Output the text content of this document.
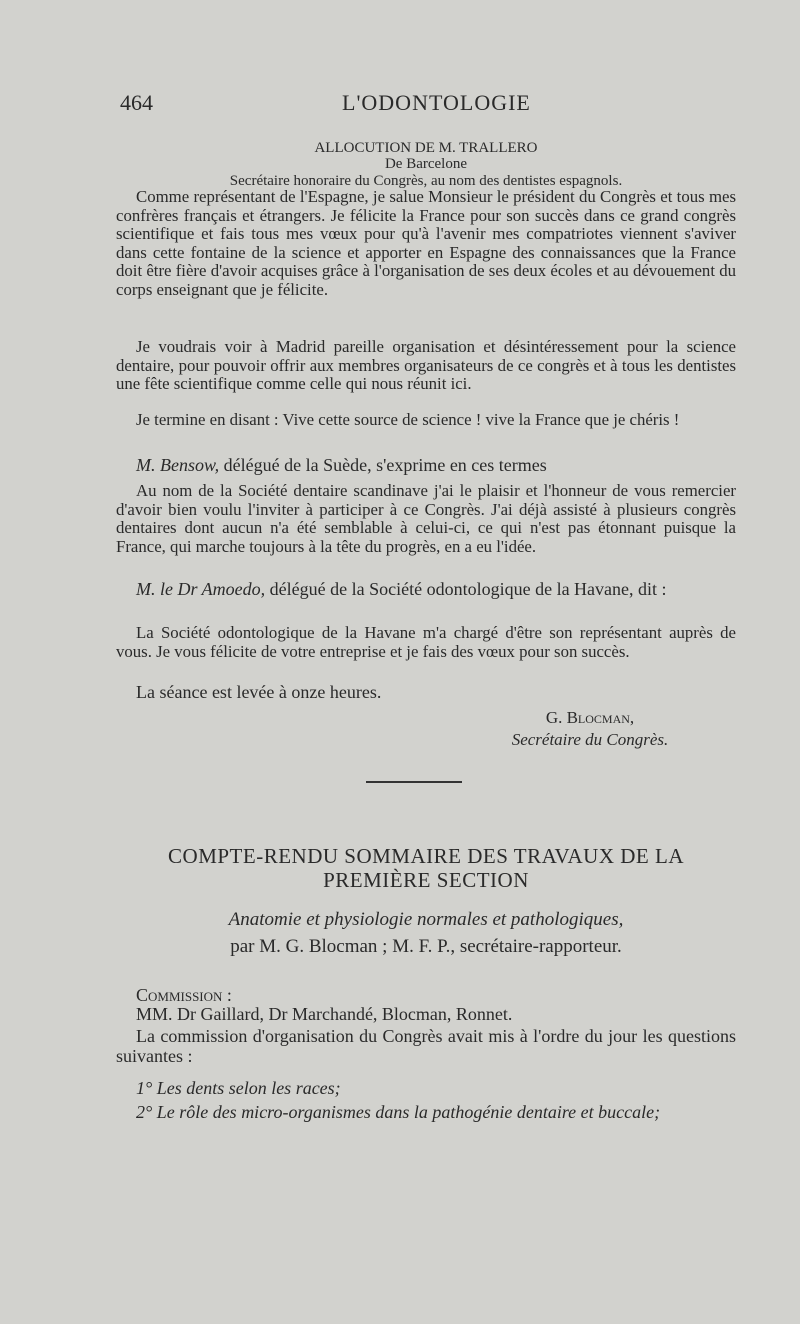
464	L'ODONTOLOGIE
ALLOCUTION DE M. TRALLERO
De Barcelone
Secrétaire honoraire du Congrès, au nom des dentistes espagnols.
Comme représentant de l'Espagne, je salue Monsieur le président du Congrès et tous mes confrères français et étrangers. Je félicite la France pour son succès dans ce grand congrès scientifique et fais tous mes vœux pour qu'à l'avenir mes compatriotes viennent s'aviver dans cette fontaine de la science et apporter en Espagne des connaissances que la France doit être fière d'avoir acquises grâce à l'organisation de ses deux écoles et au dévouement du corps enseignant que je félicite.
Je voudrais voir à Madrid pareille organisation et désintéressement pour la science dentaire, pour pouvoir offrir aux membres organisateurs de ce congrès et à tous les dentistes une fête scientifique comme celle qui nous réunit ici.
Je termine en disant : Vive cette source de science ! vive la France que je chéris !
M. Bensow, délégué de la Suède, s'exprime en ces termes
Au nom de la Société dentaire scandinave j'ai le plaisir et l'honneur de vous remercier d'avoir bien voulu l'inviter à participer à ce Congrès. J'ai déjà assisté à plusieurs congrès dentaires dont aucun n'a été semblable à celui-ci, ce qui n'est pas étonnant puisque la France, qui marche toujours à la tête du progrès, en a eu l'idée.
M. le Dr Amoedo, délégué de la Société odontologique de la Havane, dit :
La Société odontologique de la Havane m'a chargé d'être son représentant auprès de vous. Je vous félicite de votre entreprise et je fais des vœux pour son succès.
La séance est levée à onze heures.
G. Blocman,
Secrétaire du Congrès.
COMPTE-RENDU SOMMAIRE DES TRAVAUX DE LA
PREMIÈRE SECTION
Anatomie et physiologie normales et pathologiques,
par M. G. Blocman ; M. F. P., secrétaire-rapporteur.
Commission :
MM. Dr Gaillard, Dr Marchandé, Blocman, Ronnet.
La commission d'organisation du Congrès avait mis à l'ordre du jour les questions suivantes :
1° Les dents selon les races;
2° Le rôle des micro-organismes dans la pathogénie dentaire et buccale;
